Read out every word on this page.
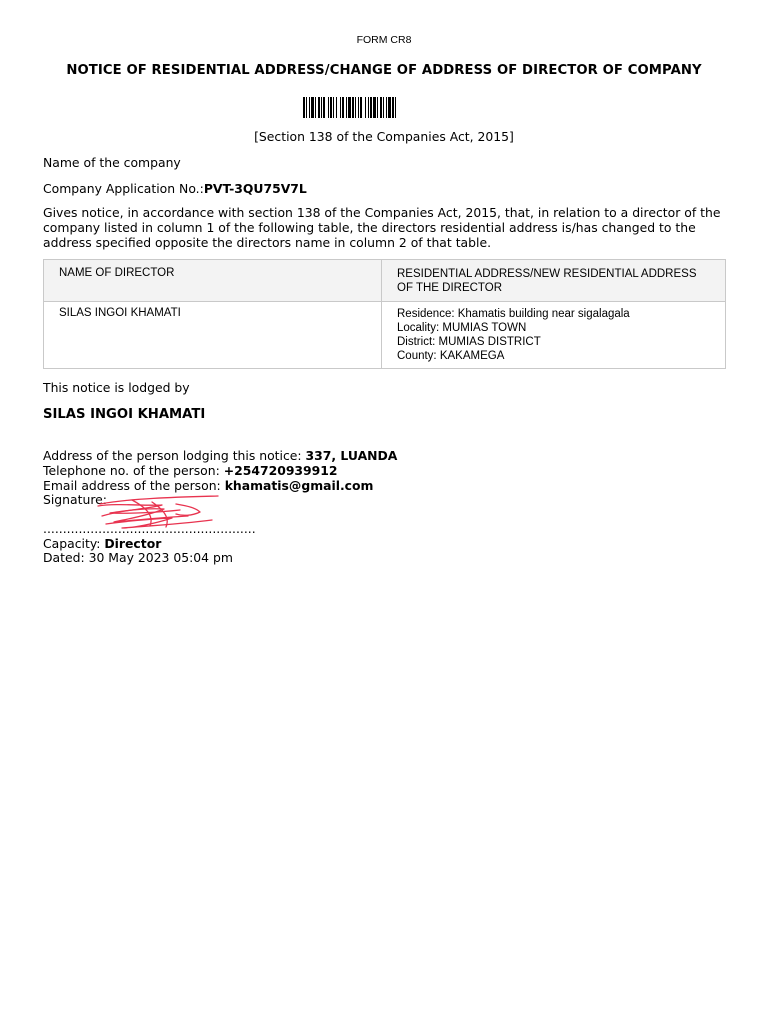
FORM CR8
NOTICE OF RESIDENTIAL ADDRESS/CHANGE OF ADDRESS OF DIRECTOR OF COMPANY
[Section 138 of the Companies Act, 2015]
Name of the company
Company Application No.:PVT-3QU75V7L
Gives notice, in accordance with section 138 of the Companies Act, 2015, that, in relation to a director of the company listed in column 1 of the following table, the directors residential address is/has changed to the address specified opposite the directors name in column 2 of that table.
NAME OF DIRECTOR	RESIDENTIAL ADDRESS/NEW RESIDENTIAL ADDRESS OF THE DIRECTOR
SILAS INGOI KHAMATI	Residence: Khamatis building near sigalagala
Locality: MUMIAS TOWN
District: MUMIAS DISTRICT
County: KAKAMEGA
This notice is lodged by
SILAS INGOI KHAMATI
Address of the person lodging this notice: 337, LUANDA
Telephone no. of the person: +254720939912
Email address of the person: khamatis@gmail.com
Signature:
......................................................
Capacity: Director
Dated: 30 May 2023 05:04 pm
